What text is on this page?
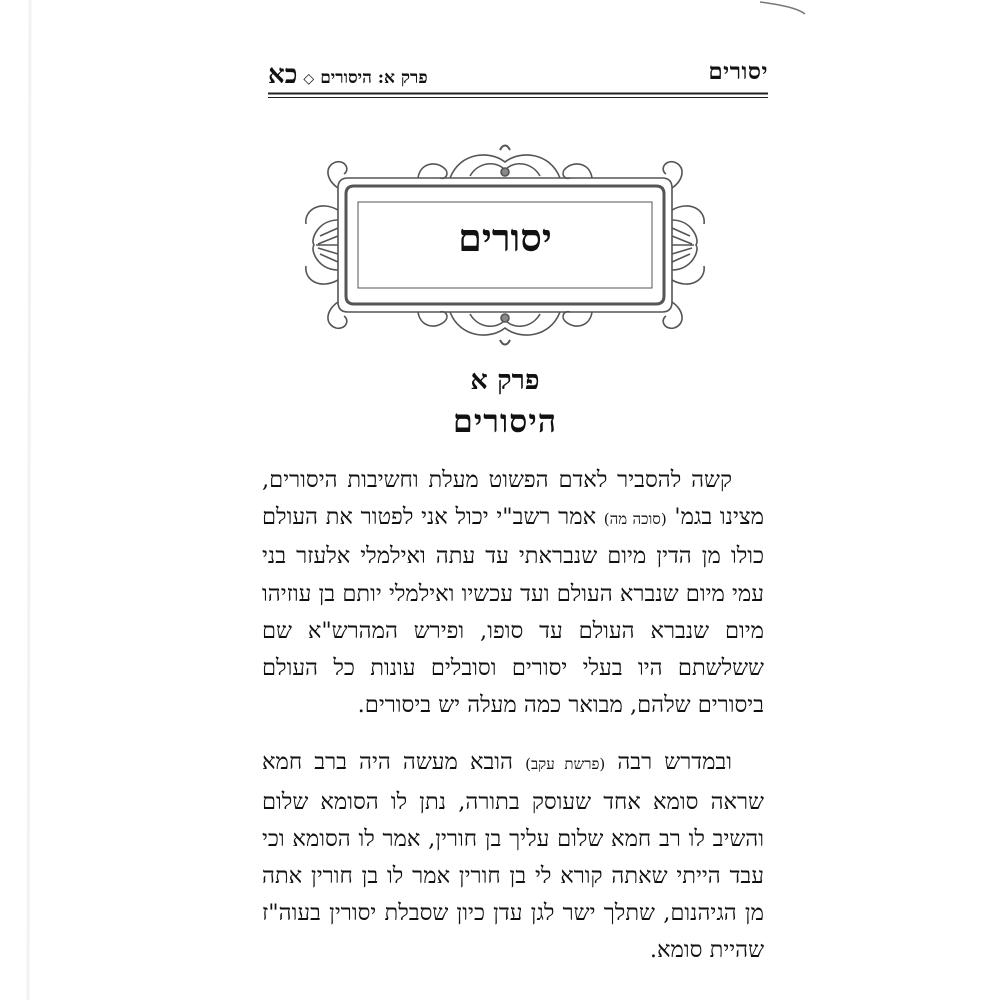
יסורים
פרק א: היסורים◇כא
יסורים
פרק א
היסורים

קשה להסביר לאדם הפשוט מעלת וחשיבות היסורים, מצינו בגמ' (סוכה מה) אמר רשב"י יכול אני לפטור את העולם כולו מן הדין מיום שנבראתי עד עתה ואילמלי אלעזר בני עמי מיום שנברא העולם ועד עכשיו ואילמלי יותם בן עוזיהו מיום שנברא העולם עד סופו, ופירש המהרש"א שם ששלשתם היו בעלי יסורים וסובלים עונות כל העולם ביסורים שלהם, מבואר כמה מעלה יש ביסורים.

ובמדרש רבה (פרשת עקב) הובא מעשה היה ברב חמא שראה סומא אחד שעוסק בתורה, נתן לו הסומא שלום והשיב לו רב חמא שלום עליך בן חורין, אמר לו הסומא וכי עבד הייתי שאתה קורא לי בן חורין אמר לו בן חורין אתה מן הגיהנום, שתלך ישר לגן עדן כיון שסבלת יסורין בעוה"ז שהיית סומא.
